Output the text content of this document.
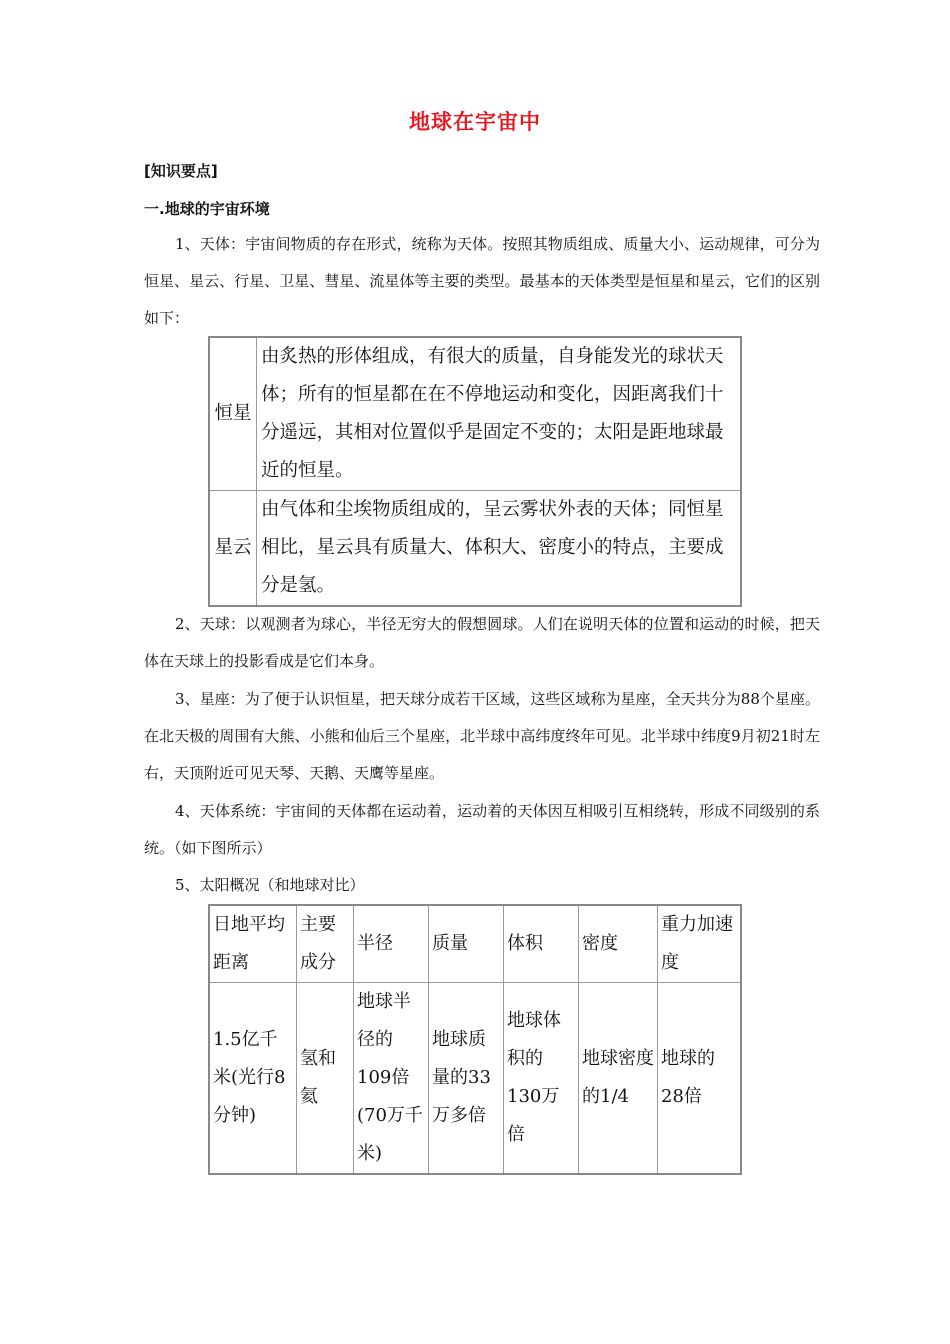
地球在宇宙中
[知识要点]
一.地球的宇宙环境

1、天体：宇宙间物质的存在形式，统称为天体。按照其物质组成、质量大小、运动规律，可分为恒星、星云、行星、卫星、彗星、流星体等主要的类型。最基本的天体类型是恒星和星云，它们的区别如下：

恒星	由炙热的形体组成，有很大的质量，自身能发光的球状天体；所有的恒星都在在不停地运动和变化，因距离我们十分遥远，其相对位置似乎是固定不变的；太阳是距地球最近的恒星。
星云	由气体和尘埃物质组成的，呈云雾状外表的天体；同恒星相比，星云具有质量大、体积大、密度小的特点，主要成分是氢。

2、天球：以观测者为球心，半径无穷大的假想圆球。人们在说明天体的位置和运动的时候，把天体在天球上的投影看成是它们本身。

3、星座：为了便于认识恒星，把天球分成若干区域，这些区域称为星座，全天共分为88个星座。在北天极的周围有大熊、小熊和仙后三个星座，北半球中高纬度终年可见。北半球中纬度9月初21时左右，天顶附近可见天琴、天鹅、天鹰等星座。

4、天体系统：宇宙间的天体都在运动着，运动着的天体因互相吸引互相绕转，形成不同级别的系统。（如下图所示）

5、太阳概况（和地球对比）

日地平均距离	主要成分	半径	质量	体积	密度	重力加速度
1.5亿千米(光行8分钟)	氢和氦	地球半径的109倍(70万千米)	地球质量的33万多倍	地球体积的130万倍	地球密度的1/4	地球的28倍
